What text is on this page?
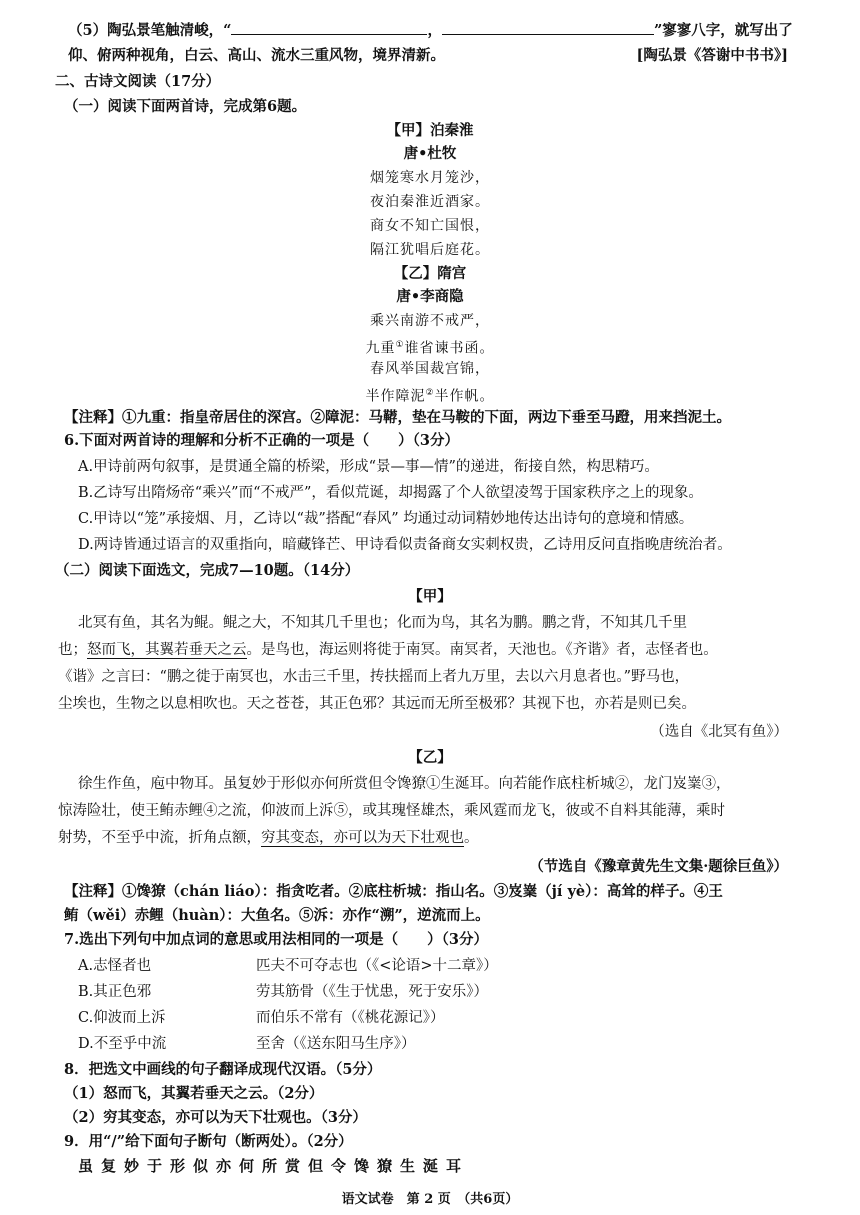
（5）陶弘景笔触清峻，“	，	”寥寥八字，就写出了
仰、俯两种视角，白云、高山、流水三重风物，境界清新。	[陶弘景《答谢中书书》]
二、古诗文阅读（17分）
（一）阅读下面两首诗，完成第6题。
【甲】泊秦淮
唐•杜牧
烟笼寒水月笼沙，
夜泊秦淮近酒家。
商女不知亡国恨，
隔江犹唱后庭花。
【乙】隋宫
唐•李商隐
乘兴南游不戒严，
九重①谁省谏书函。
春风举国裁宫锦，
半作障泥②半作帆。
【注释】①九重：指皇帝居住的深宫。②障泥：马鞯，垫在马鞍的下面，两边下垂至马蹬，用来挡泥土。
6.下面对两首诗的理解和分析不正确的一项是（　　）（3分）
A.甲诗前两句叙事，是贯通全篇的桥梁，形成“景—事—情”的递进，衔接自然，构思精巧。
B.乙诗写出隋炀帝“乘兴”而“不戒严”，看似荒诞，却揭露了个人欲望凌驾于国家秩序之上的现象。
C.甲诗以“笼”承接烟、月，乙诗以“裁”搭配“春风” 均通过动词精妙地传达出诗句的意境和情感。
D.两诗皆通过语言的双重指向，暗藏锋芒、甲诗看似责备商女实刺权贵，乙诗用反问直指晚唐统治者。
（二）阅读下面选文，完成7—10题。（14分）
【甲】
北冥有鱼，其名为鲲。鲲之大，不知其几千里也；化而为鸟，其名为鹏。鹏之背，不知其几千里
也；怒而飞，其翼若垂天之云。是鸟也，海运则将徙于南冥。南冥者，天池也。《齐谐》者，志怪者也。
《谐》之言曰：“鹏之徙于南冥也，水击三千里，抟扶摇而上者九万里，去以六月息者也。”野马也，
尘埃也，生物之以息相吹也。天之苍苍，其正色邪？其远而无所至极邪？其视下也，亦若是则已矣。
（选自《北冥有鱼》）
【乙】
徐生作鱼，庖中物耳。虽复妙于形似亦何所赏但令馋獠①生涎耳。向若能作底柱析城②，龙门岌嶪③，
惊涛险壮，使王鲔赤鲤④之流，仰波而上泝⑤，或其瑰怪雄杰，乘风霆而龙飞，彼或不自料其能薄，乘时
射势，不至乎中流，折角点额，穷其变态，亦可以为天下壮观也。
（节选自《豫章黄先生文集·题徐巨鱼》）
【注释】①馋獠（chán liáo）：指贪吃者。②底柱析城：指山名。③岌嶪（jí yè）：高耸的样子。④王
鲔（wěi）赤鲤（huàn）：大鱼名。⑤泝：亦作“溯”，逆流而上。
7.选出下列句中加点词的意思或用法相同的一项是（　　）（3分）
A.志怪者也	匹夫不可夺志也（《<论语>十二章》）
B.其正色邪	劳其筋骨（《生于忧患，死于安乐》）
C.仰波而上泝	而伯乐不常有（《桃花源记》）
D.不至乎中流	至舍（《送东阳马生序》）
8．把选文中画线的句子翻译成现代汉语。（5分）
（1）怒而飞，其翼若垂天之云。（2分）
（2）穷其变态，亦可以为天下壮观也。（3分）
9．用“/”给下面句子断句（断两处）。（2分）
虽复妙于形似亦何所赏但令馋獠生涎耳
语文试卷　第 2 页　（共6页）
